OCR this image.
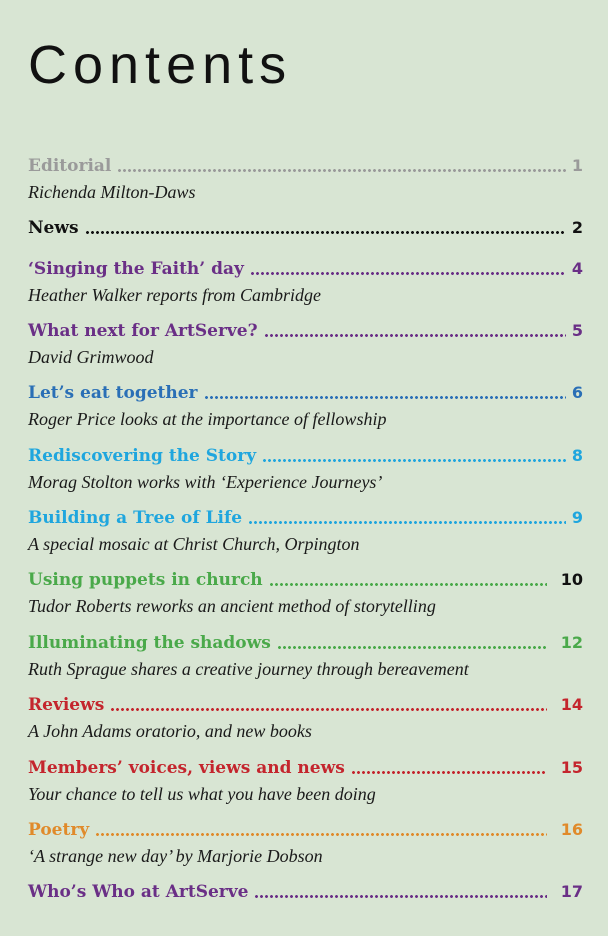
Contents
Editorial	1
Richenda Milton-Daws
News	2
‘Singing the Faith’ day	4
Heather Walker reports from Cambridge
What next for ArtServe?	5
David Grimwood
Let’s eat together	6
Roger Price looks at the importance of fellowship
Rediscovering the Story	8
Morag Stolton works with ‘Experience Journeys’
Building a Tree of Life	9
A special mosaic at Christ Church, Orpington
Using puppets in church	10
Tudor Roberts reworks an ancient method of storytelling
Illuminating the shadows	12
Ruth Sprague shares a creative journey through bereavement
Reviews	14
A John Adams oratorio, and new books
Members’ voices, views and news	15
Your chance to tell us what you have been doing
Poetry	16
‘A strange new day’ by Marjorie Dobson
Who’s Who at ArtServe	17
